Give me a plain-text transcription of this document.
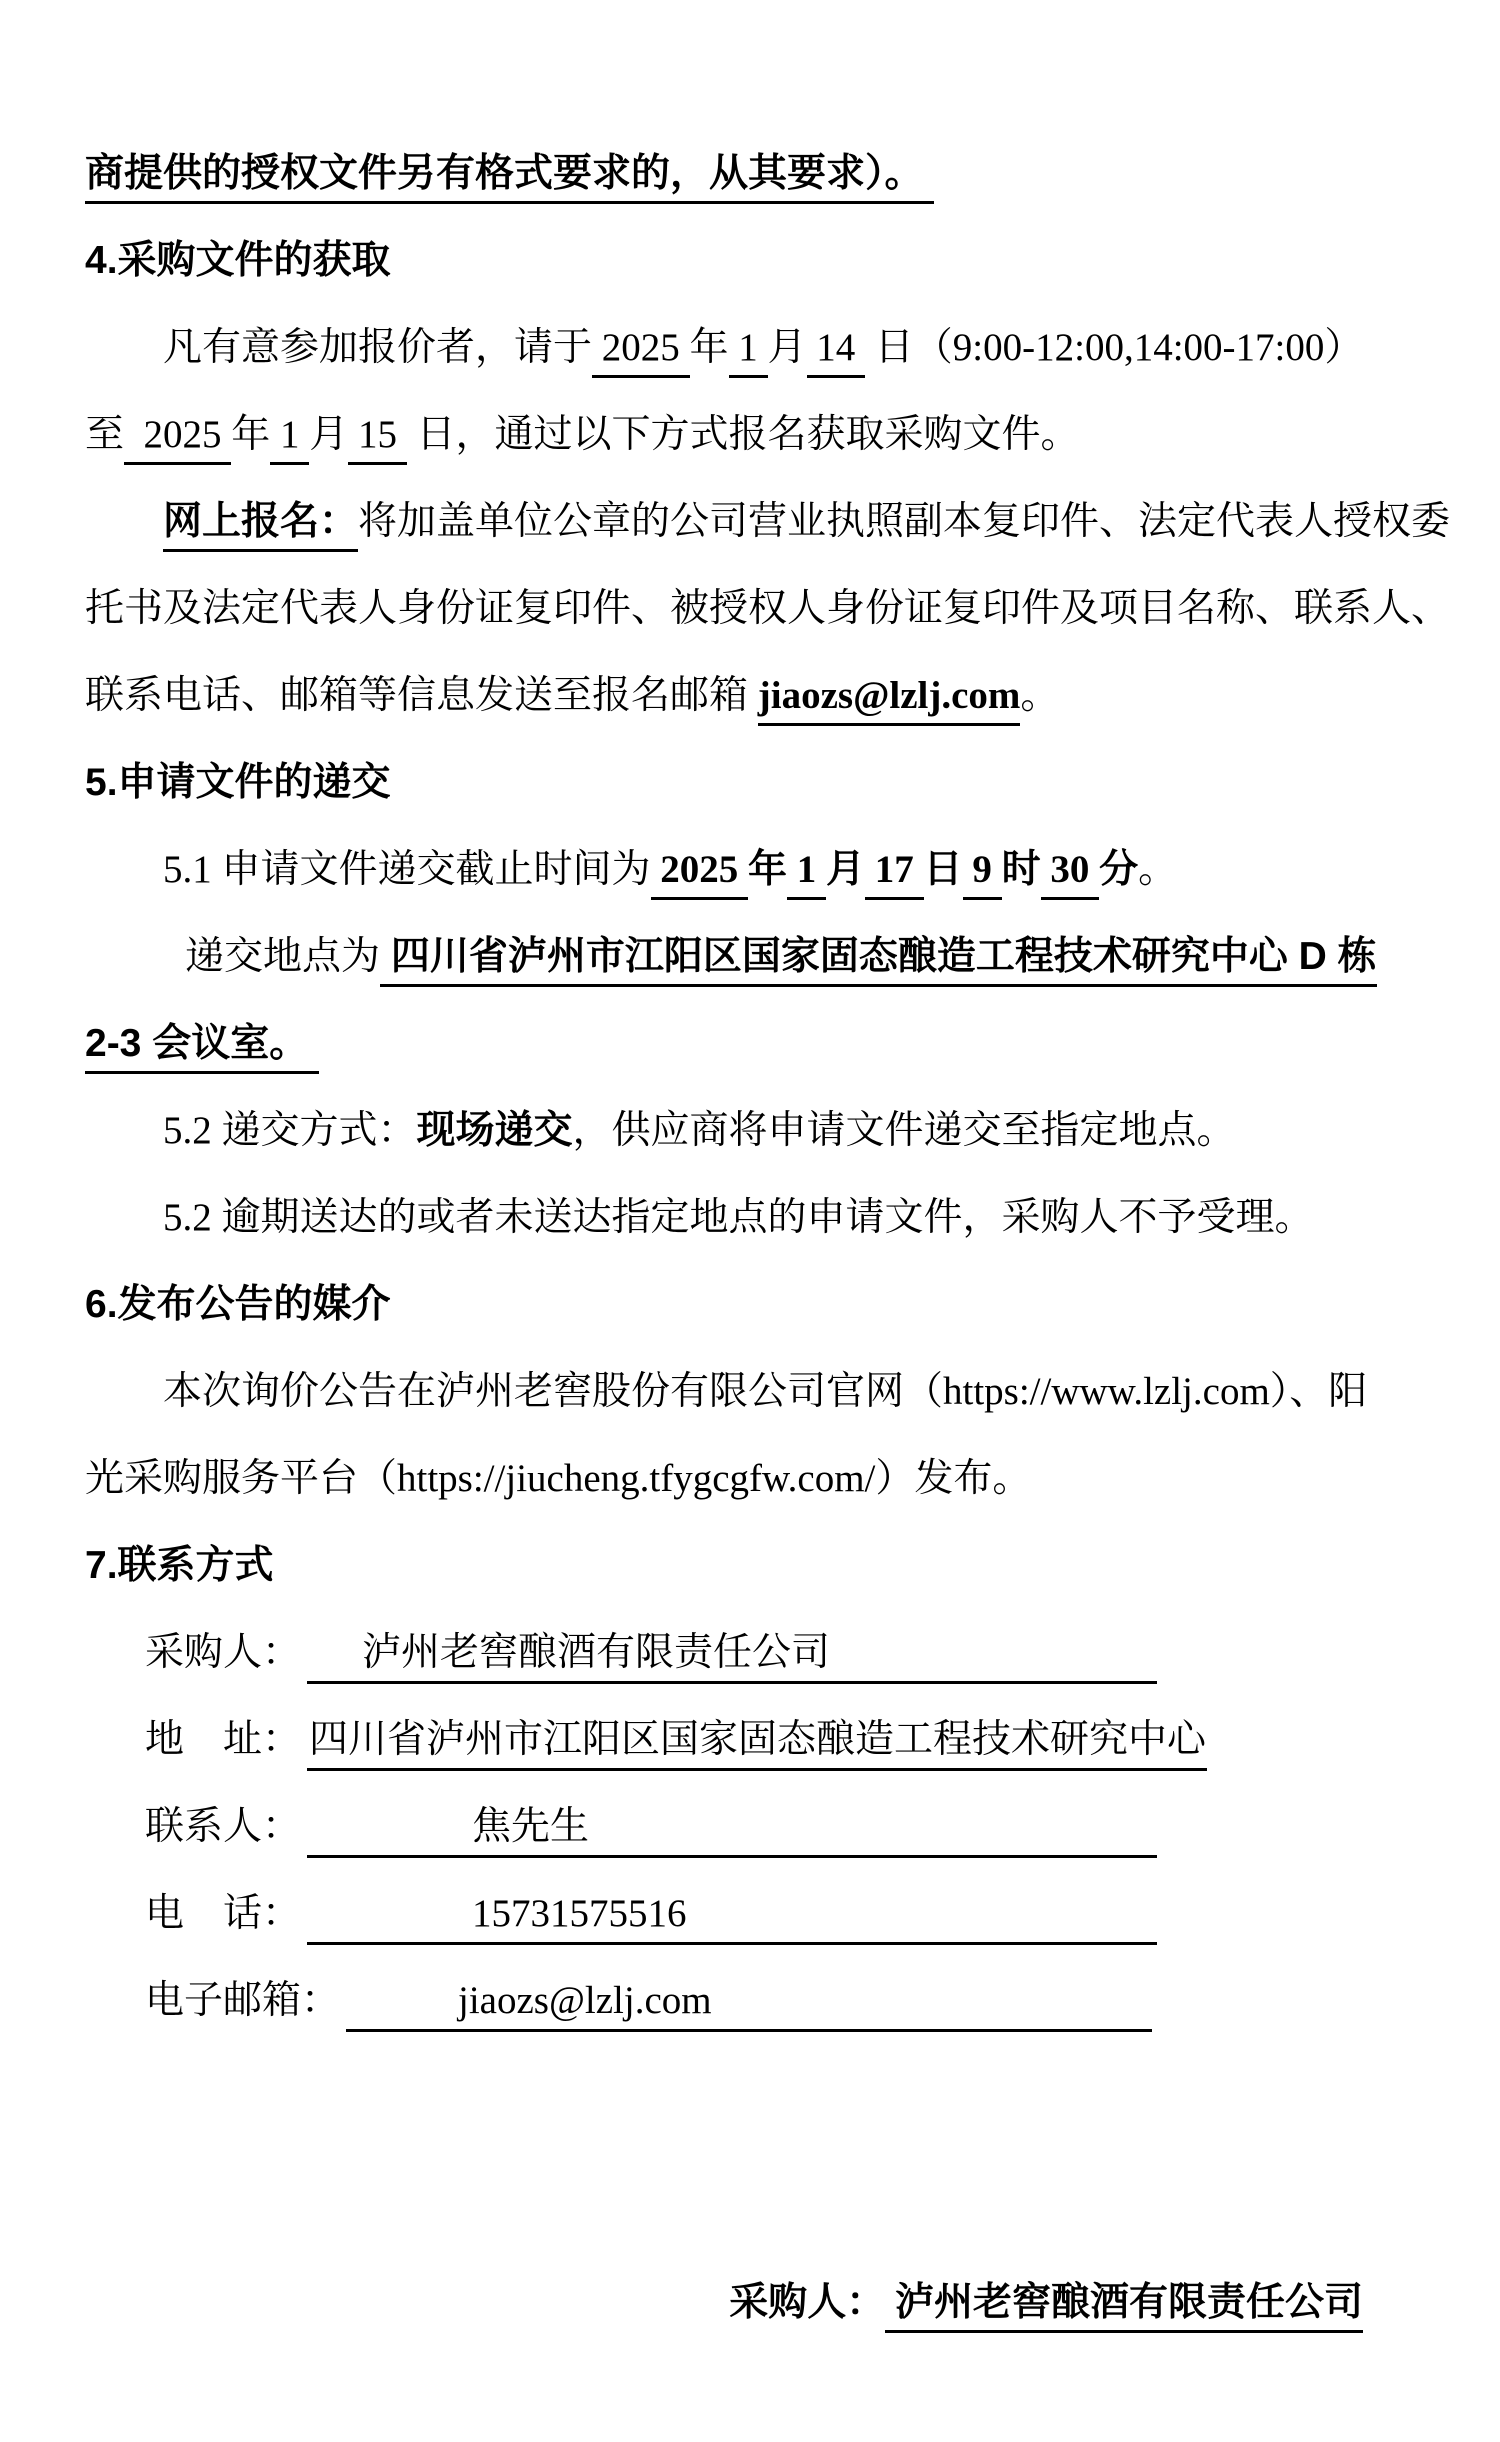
商提供的授权文件另有格式要求的，从其要求）。
4.采购文件的获取
凡有意参加报价者，请于 2025 年 1 月 14  日（9:00-12:00,14:00-17:00）
至  2025 年 1 月 15  日，通过以下方式报名获取采购文件。
网上报名：将加盖单位公章的公司营业执照副本复印件、法定代表人授权委
托书及法定代表人身份证复印件、被授权人身份证复印件及项目名称、联系人、
联系电话、邮箱等信息发送至报名邮箱 jiaozs@lzlj.com。
5.申请文件的递交
5.1 申请文件递交截止时间为 2025 年 1 月 17 日 9 时 30 分。
递交地点为 四川省泸州市江阳区国家固态酿造工程技术研究中心 D 栋
2-3 会议室。
5.2 递交方式：现场递交，供应商将申请文件递交至指定地点。
5.2 逾期送达的或者未送达指定地点的申请文件，采购人不予受理。
6.发布公告的媒介
本次询价公告在泸州老窖股份有限公司官网（https://www.lzlj.com）、阳
光采购服务平台（https://jiucheng.tfygcgfw.com/）发布。
7.联系方式
采购人： 泸州老窖酿酒有限责任公司
地　址： 四川省泸州市江阳区国家固态酿造工程技术研究中心
联系人：	焦先生
电　话：	15731575516
电子邮箱：	jiaozs@lzlj.com

采购人： 泸州老窖酿酒有限责任公司
